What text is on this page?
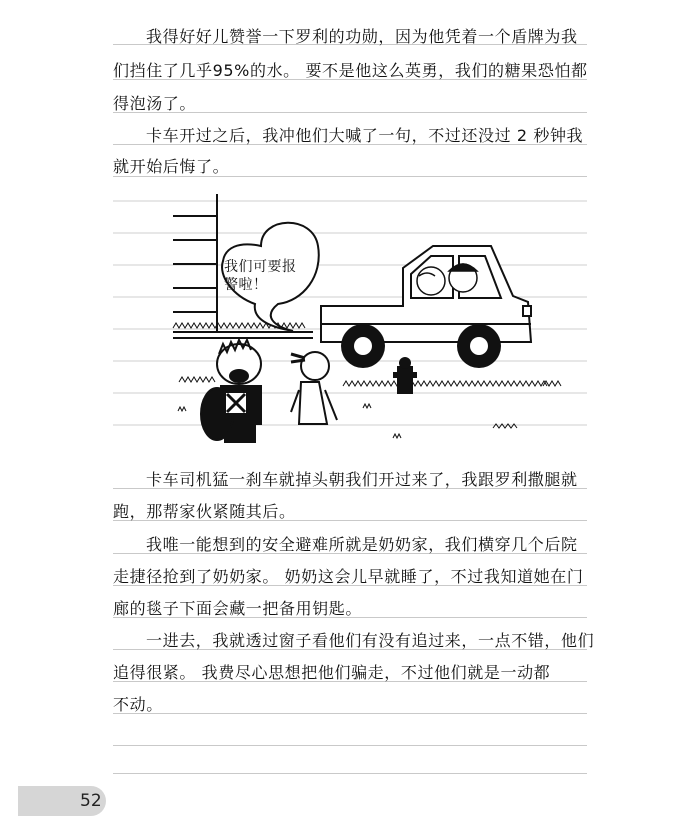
我得好好儿赞誉一下罗利的功勋，因为他凭着一个盾牌为我
们挡住了几乎95%的水。 要不是他这么英勇，我们的糖果恐怕都
得泡汤了。
卡车开过之后，我冲他们大喊了一句，不过还没过 2 秒钟我
就开始后悔了。
我们可要报警啦！
卡车司机猛一刹车就掉头朝我们开过来了，我跟罗利撒腿就
跑，那帮家伙紧随其后。
我唯一能想到的安全避难所就是奶奶家，我们横穿几个后院
走捷径抢到了奶奶家。 奶奶这会儿早就睡了，不过我知道她在门
廊的毯子下面会藏一把备用钥匙。
一进去，我就透过窗子看他们有没有追过来，一点不错，他们
追得很紧。 我费尽心思想把他们骗走，不过他们就是一动都
不动。
52
